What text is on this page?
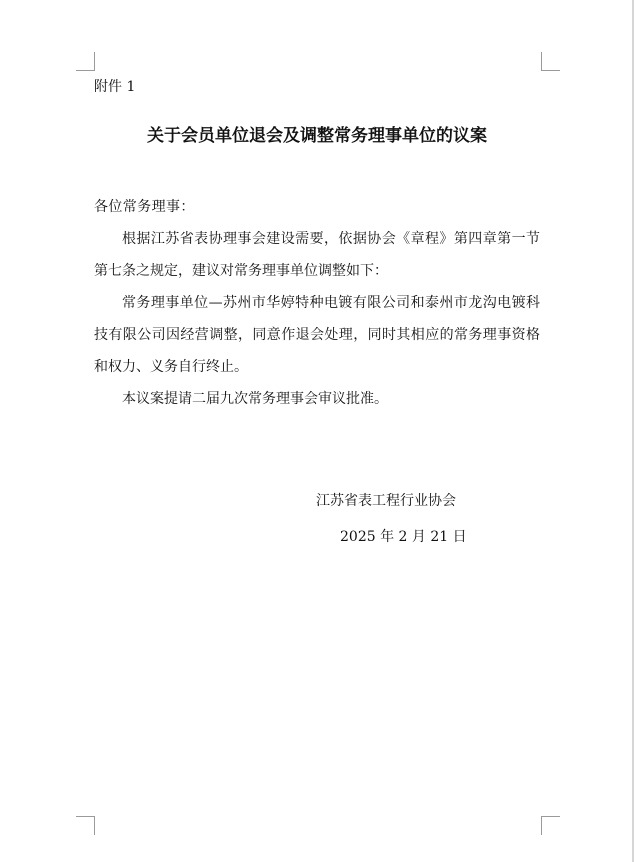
附件 1
关于会员单位退会及调整常务理事单位的议案

各位常务理事：

根据江苏省表协理事会建设需要，依据协会《章程》第四章第一节第七条之规定，建议对常务理事单位调整如下：

常务理事单位—苏州市华婷特种电镀有限公司和泰州市龙沟电镀科技有限公司因经营调整，同意作退会处理，同时其相应的常务理事资格和权力、义务自行终止。

本议案提请二届九次常务理事会审议批准。

江苏省表工程行业协会
2025 年 2 月 21 日
